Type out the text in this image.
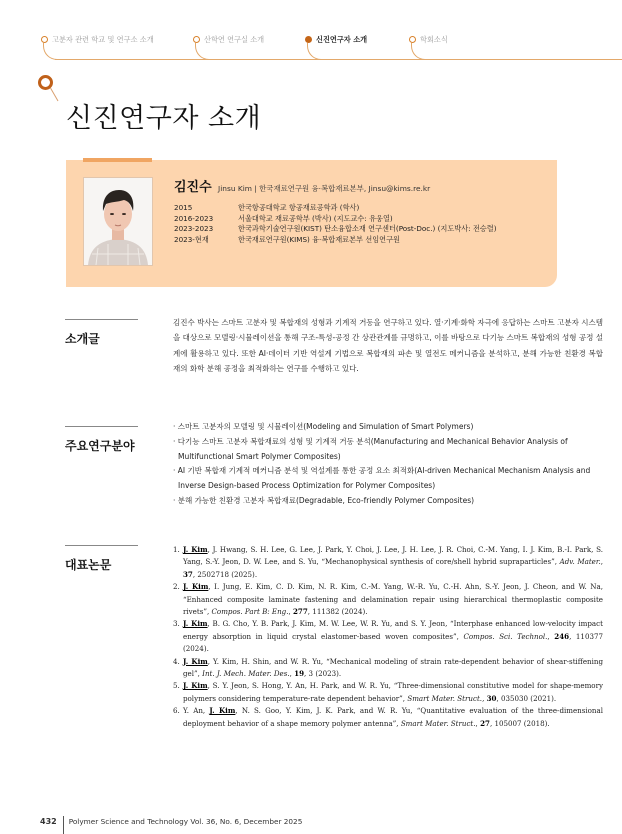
고분자 관련 학교 및 연구소 소개	산학연 연구실 소개	신진연구자 소개	학회소식
신진연구자 소개
김진수 Jinsu Kim | 한국재료연구원 융·복합재료본부, Jinsu@kims.re.kr
2015	한국항공대학교 항공재료공학과 (학사)
2016-2023	서울대학교 재료공학부 (박사) (지도교수: 유웅열)
2023-2023	한국과학기술연구원(KIST) 탄소융합소재 연구센터(Post-Doc.) (지도박사: 전승렬)
2023-현재	한국재료연구원(KIMS) 융·복합재료본부 선임연구원
소개글

김진수 박사는 스마트 고분자 및 복합재의 성형과 기계적 거동을 연구하고 있다. 열·기계·화학 자극에 응답하는 스마트 고분자 시스템을 대상으로 모델링·시뮬레이션을 통해 구조-특성-공정 간 상관관계를 규명하고, 이를 바탕으로 다기능 스마트 복합재의 성형 공정 설계에 활용하고 있다. 또한 AI·데이터 기반 역설계 기법으로 복합재의 파손 및 열전도 메커니즘을 분석하고, 분해 가능한 친환경 복합재의 화학 분해 공정을 최적화하는 연구를 수행하고 있다.

주요연구분야

· 스마트 고분자의 모델링 및 시뮬레이션(Modeling and Simulation of Smart Polymers)

· 다기능 스마트 고분자 복합재료의 성형 및 기계적 거동 분석(Manufacturing and Mechanical Behavior Analysis of Multifunctional Smart Polymer Composites)

· AI 기반 복합재 기계적 메커니즘 분석 및 역설계를 통한 공정 요소 최적화(AI-driven Mechanical Mechanism Analysis and Inverse Design-based Process Optimization for Polymer Composites)

· 분해 가능한 친환경 고분자 복합재료(Degradable, Eco-friendly Polymer Composites)

대표논문
1. J. Kim, J. Hwang, S. H. Lee, G. Lee, J. Park, Y. Choi, J. Lee, J. H. Lee, J. R. Choi, C.-M. Yang, I. J. Kim, B.-I. Park, S. Yang, S.-Y. Jeon, D. W. Lee, and S. Yu, “Mechanophysical synthesis of core/shell hybrid supraparticles”, Adv. Mater., 37, 2502718 (2025).
2. J. Kim, I. Jung, E. Kim, C. D. Kim, N. R. Kim, C.-M. Yang, W.-R. Yu, C.-H. Ahn, S.-Y. Jeon, J. Cheon, and W. Na, “Enhanced composite laminate fastening and delamination repair using hierarchical thermoplastic composite rivets”, Compos. Part B: Eng., 277, 111382 (2024).
3. J. Kim, B. G. Cho, Y. B. Park, J. Kim, M. W. Lee, W. R. Yu, and S. Y. Jeon, “Interphase enhanced low-velocity impact energy absorption in liquid crystal elastomer-based woven composites”, Compos. Sci. Technol., 246, 110377 (2024).
4. J. Kim, Y. Kim, H. Shin, and W. R. Yu, “Mechanical modeling of strain rate-dependent behavior of shear-stiffening gel”, Int. J. Mech. Mater. Des., 19, 3 (2023).
5. J. Kim, S. Y. Jeon, S. Hong, Y. An, H. Park, and W. R. Yu, “Three-dimensional constitutive model for shape-memory polymers considering temperature-rate dependent behavior”, Smart Mater. Struct., 30, 035030 (2021).
6. Y. An, J. Kim, N. S. Goo, Y. Kim, J. K. Park, and W. R. Yu, “Quantitative evaluation of the three-dimensional deployment behavior of a shape memory polymer antenna”, Smart Mater. Struct., 27, 105007 (2018).
432 Polymer Science and Technology Vol. 36, No. 6, December 2025
